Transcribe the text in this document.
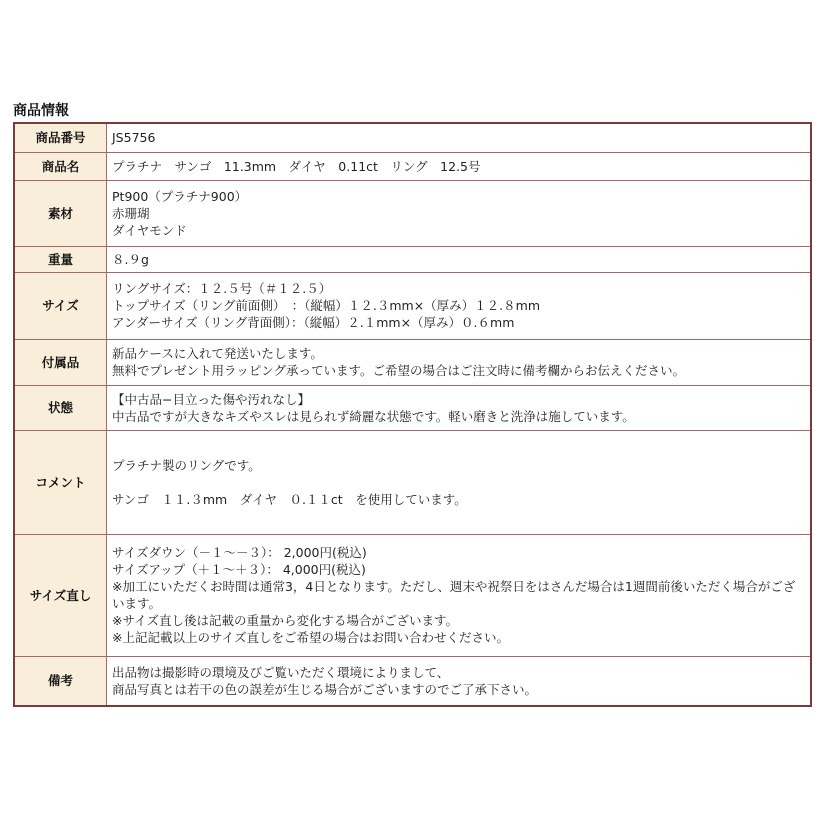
商品情報
商品番号	JS5756

商品名	プラチナ　サンゴ　11.3mm　ダイヤ　0.11ct　リング　12.5号

素材	Pt900（プラチナ900）
赤珊瑚
ダイヤモンド

重量	８.９g

サイズ	リングサイズ：１２.５号（＃１２.５）
トップサイズ（リング前面側）　：（縦幅）１２.３mm×（厚み）１２.８mm
アンダーサイズ（リング背面側）：（縦幅）２.１mm×（厚み）０.６mm

付属品	新品ケースに入れて発送いたします。
無料でプレゼント用ラッピング承っています。ご希望の場合はご注文時に備考欄からお伝えください。

状態	【中古品−目立った傷や汚れなし】
中古品ですが大きなキズやスレは見られず綺麗な状態です。軽い磨きと洗浄は施しています。

コメント	プラチナ製のリングです。
サンゴ　１１.３mm　ダイヤ　０.１１ct　を使用しています。

サイズ直し	サイズダウン（－１～－３）： 2,000円(税込)
サイズアップ（＋１～＋３）： 4,000円(税込)
※加工にいただくお時間は通常3，4日となります。ただし、週末や祝祭日をはさんだ場合は1週間前後いただく場合がございます。
※サイズ直し後は記載の重量から変化する場合がございます。
※上記記載以上のサイズ直しをご希望の場合はお問い合わせください。

備考	出品物は撮影時の環境及びご覧いただく環境によりまして、
商品写真とは若干の色の誤差が生じる場合がございますのでご了承下さい。
